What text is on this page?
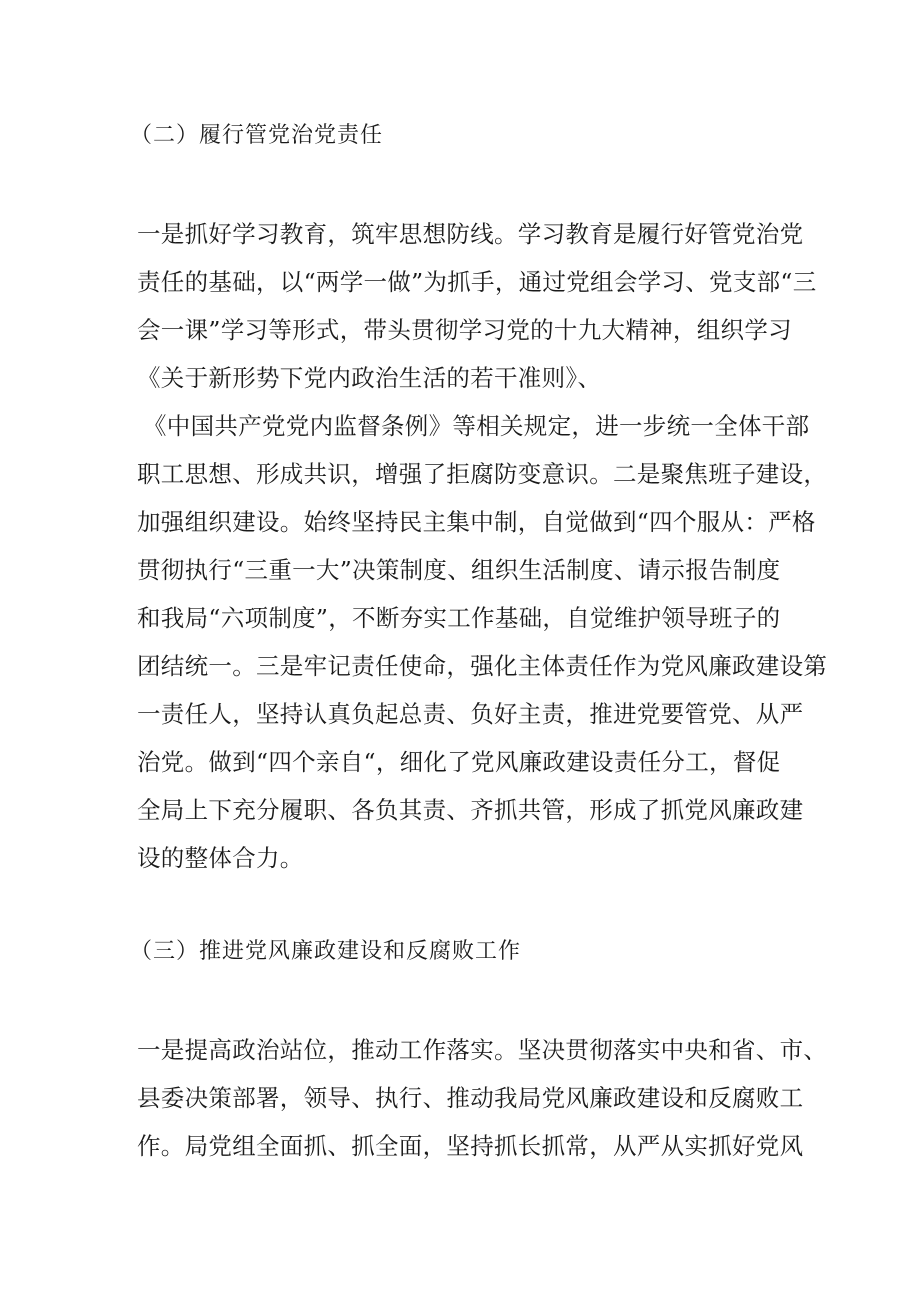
（二）履行管党治党责任
一是抓好学习教育，筑牢思想防线。学习教育是履行好管党治党
责任的基础，以“两学一做”为抓手，通过党组会学习、党支部“三
会一课”学习等形式，带头贯彻学习党的十九大精神，组织学习
《关于新形势下党内政治生活的若干准则》、
《中国共产党党内监督条例》等相关规定，进一步统一全体干部
职工思想、形成共识，增强了拒腐防变意识。二是聚焦班子建设，
加强组织建设。始终坚持民主集中制，自觉做到“四个服从：严格
贯彻执行“三重一大”决策制度、组织生活制度、请示报告制度
和我局“六项制度”，不断夯实工作基础，自觉维护领导班子的
团结统一。三是牢记责任使命，强化主体责任作为党风廉政建设第
一责任人，坚持认真负起总责、负好主责，推进党要管党、从严
治党。做到“四个亲自“，细化了党风廉政建设责任分工，督促
全局上下充分履职、各负其责、齐抓共管，形成了抓党风廉政建
设的整体合力。
（三）推进党风廉政建设和反腐败工作
一是提高政治站位，推动工作落实。坚决贯彻落实中央和省、市、
县委决策部署，领导、执行、推动我局党风廉政建设和反腐败工
作。局党组全面抓、抓全面，坚持抓长抓常，从严从实抓好党风
